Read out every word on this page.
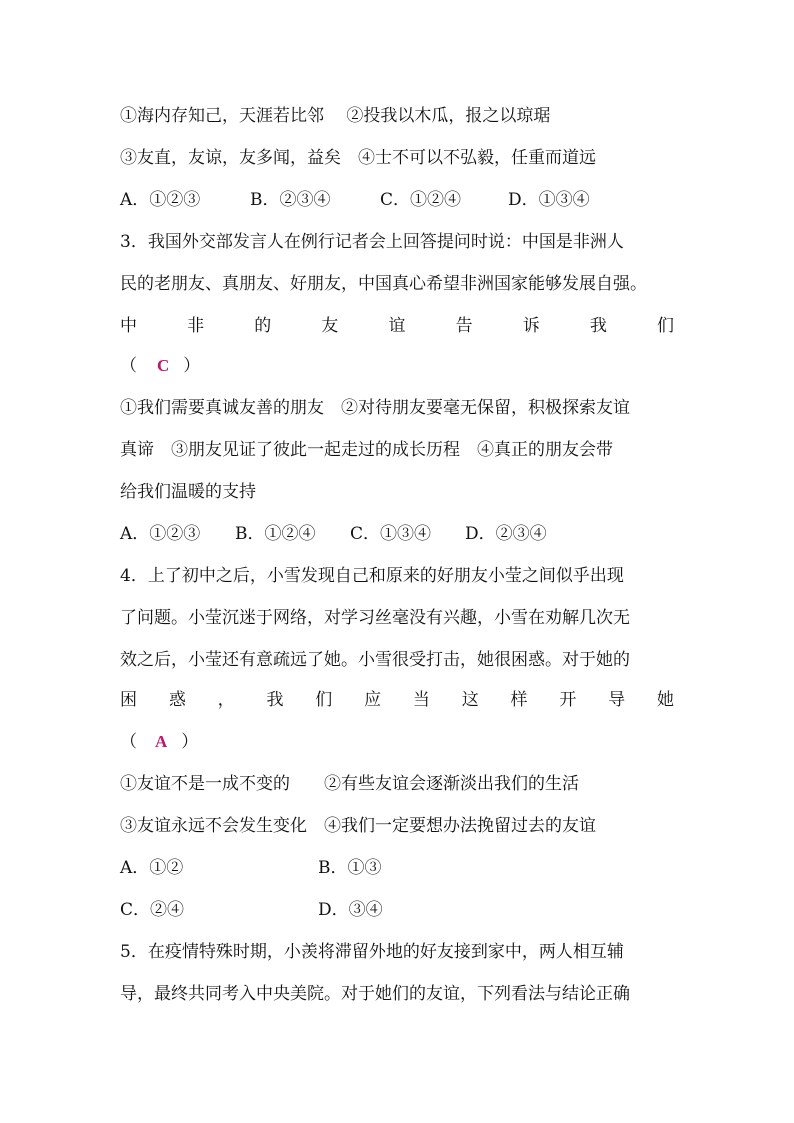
①海内存知己，天涯若比邻　 ②投我以木瓜，报之以琼琚
③友直，友谅，友多闻，益矣　④士不可以不弘毅，任重而道远
A．①②③	B．②③④	C．①②④	D．①③④
3．我国外交部发言人在例行记者会上回答提问时说：中国是非洲人
民的老朋友、真朋友、好朋友，中国真心希望非洲国家能够发展自强。
中	非	的	友	谊	告	诉	我	们
（ C ）
①我们需要真诚友善的朋友　②对待朋友要毫无保留，积极探索友谊
真谛　③朋友见证了彼此一起走过的成长历程　④真正的朋友会带
给我们温暖的支持
A．①②③ B．①②④ C．①③④ D．②③④
4．上了初中之后，小雪发现自己和原来的好朋友小莹之间似乎出现
了问题。小莹沉迷于网络，对学习丝毫没有兴趣，小雪在劝解几次无
效之后，小莹还有意疏远了她。小雪很受打击，她很困惑。对于她的
困 惑 ， 我 们 应 当 这 样 开 导 她
（ A ）
①友谊不是一成不变的　　②有些友谊会逐渐淡出我们的生活
③友谊永远不会发生变化　④我们一定要想办法挽留过去的友谊
A．①②	B．①③
C．②④	D．③④
5．在疫情特殊时期，小羡将滞留外地的好友接到家中，两人相互辅
导，最终共同考入中央美院。对于她们的友谊，下列看法与结论正确
